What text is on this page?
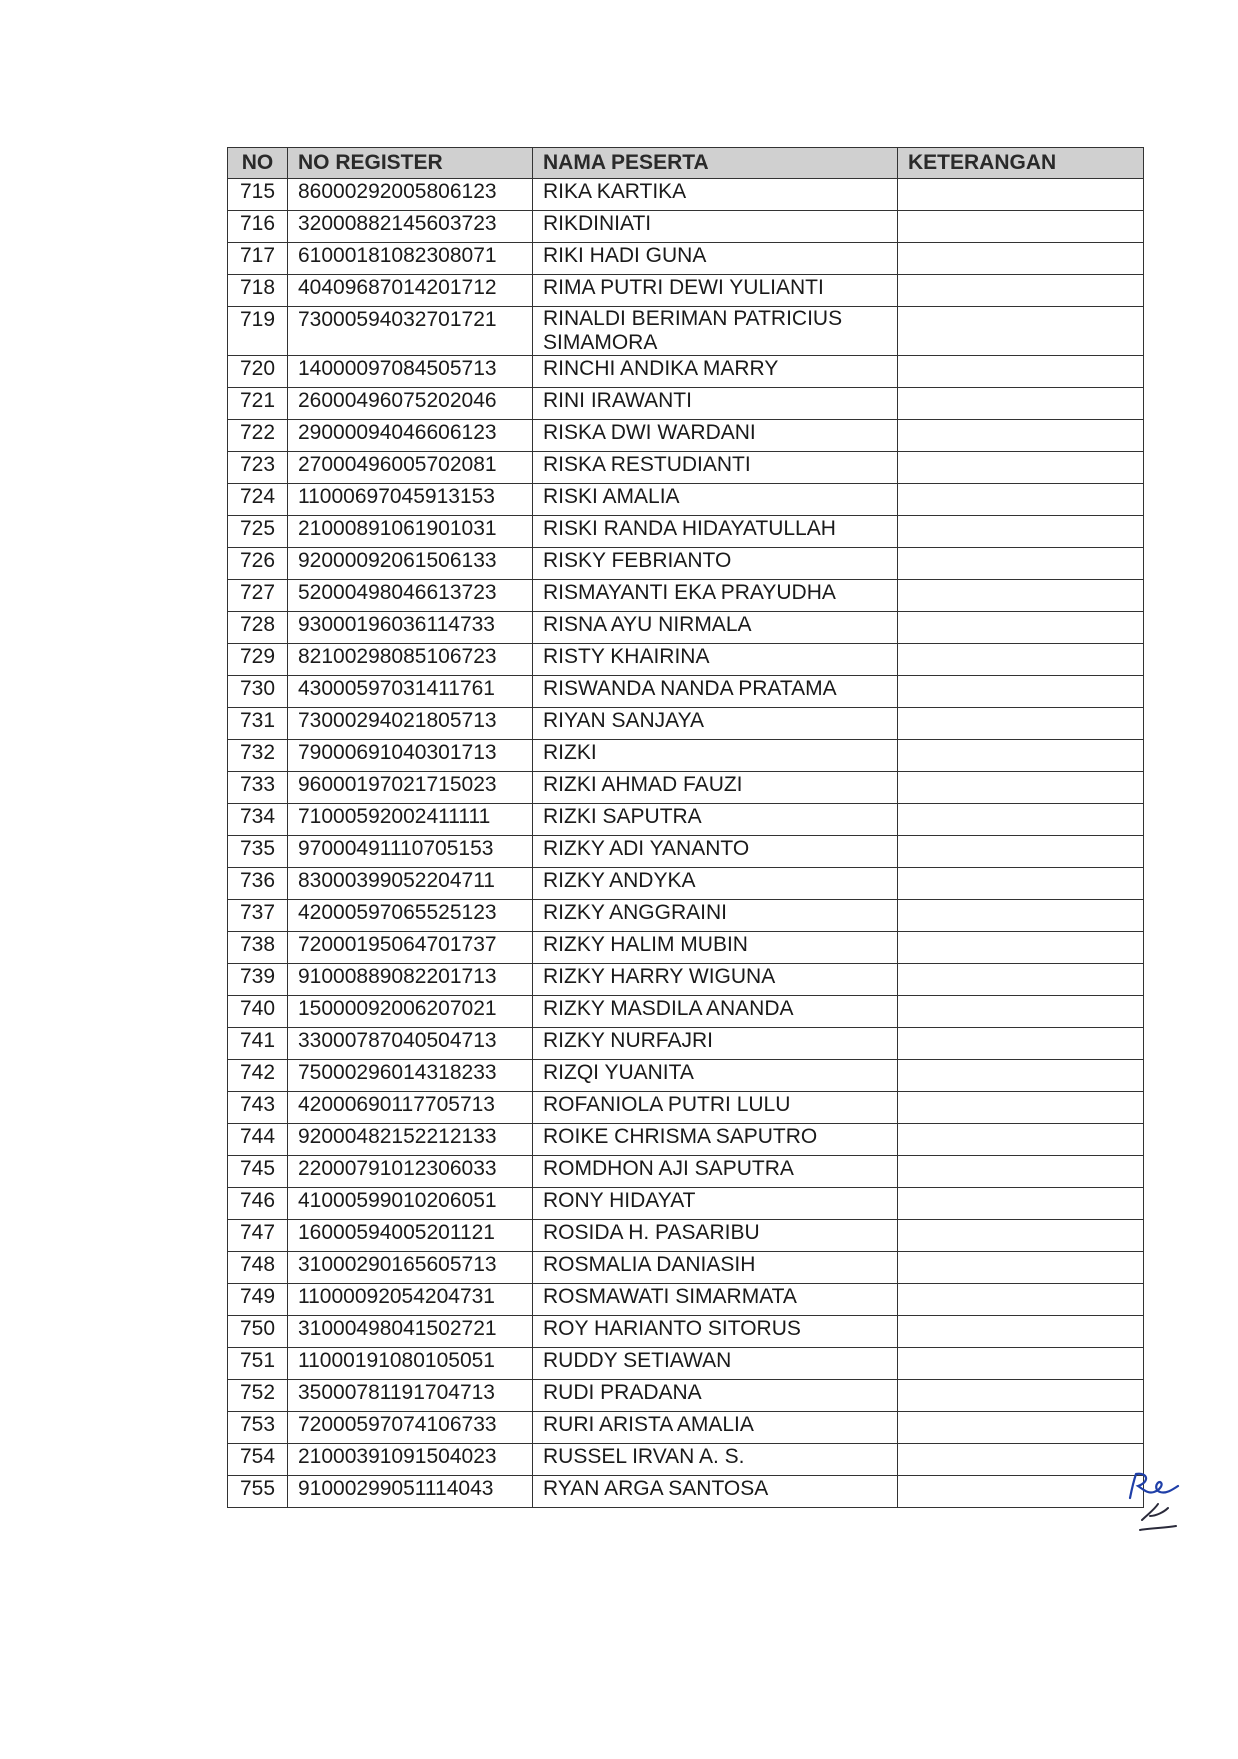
NO	NO REGISTER	NAMA PESERTA	KETERANGAN
715	86000292005806123	RIKA KARTIKA	
716	32000882145603723	RIKDINIATI	
717	61000181082308071	RIKI HADI GUNA	
718	40409687014201712	RIMA PUTRI DEWI YULIANTI	
719	73000594032701721	RINALDI BERIMAN PATRICIUS SIMAMORA	
720	14000097084505713	RINCHI ANDIKA MARRY	
721	26000496075202046	RINI IRAWANTI	
722	29000094046606123	RISKA DWI WARDANI	
723	27000496005702081	RISKA RESTUDIANTI	
724	11000697045913153	RISKI AMALIA	
725	21000891061901031	RISKI RANDA HIDAYATULLAH	
726	92000092061506133	RISKY FEBRIANTO	
727	52000498046613723	RISMAYANTI EKA PRAYUDHA	
728	93000196036114733	RISNA AYU NIRMALA	
729	82100298085106723	RISTY KHAIRINA	
730	43000597031411761	RISWANDA NANDA PRATAMA	
731	73000294021805713	RIYAN SANJAYA	
732	79000691040301713	RIZKI	
733	96000197021715023	RIZKI AHMAD FAUZI	
734	71000592002411111	RIZKI SAPUTRA	
735	97000491110705153	RIZKY ADI YANANTO	
736	83000399052204711	RIZKY ANDYKA	
737	42000597065525123	RIZKY ANGGRAINI	
738	72000195064701737	RIZKY HALIM MUBIN	
739	91000889082201713	RIZKY HARRY WIGUNA	
740	15000092006207021	RIZKY MASDILA ANANDA	
741	33000787040504713	RIZKY NURFAJRI	
742	75000296014318233	RIZQI YUANITA	
743	42000690117705713	ROFANIOLA PUTRI LULU	
744	92000482152212133	ROIKE CHRISMA SAPUTRO	
745	22000791012306033	ROMDHON AJI SAPUTRA	
746	41000599010206051	RONY HIDAYAT	
747	16000594005201121	ROSIDA H. PASARIBU	
748	31000290165605713	ROSMALIA DANIASIH	
749	11000092054204731	ROSMAWATI SIMARMATA	
750	31000498041502721	ROY HARIANTO SITORUS	
751	11000191080105051	RUDDY SETIAWAN	
752	35000781191704713	RUDI PRADANA	
753	72000597074106733	RURI ARISTA AMALIA	
754	21000391091504023	RUSSEL IRVAN A. S.	
755	91000299051114043	RYAN ARGA SANTOSA	
